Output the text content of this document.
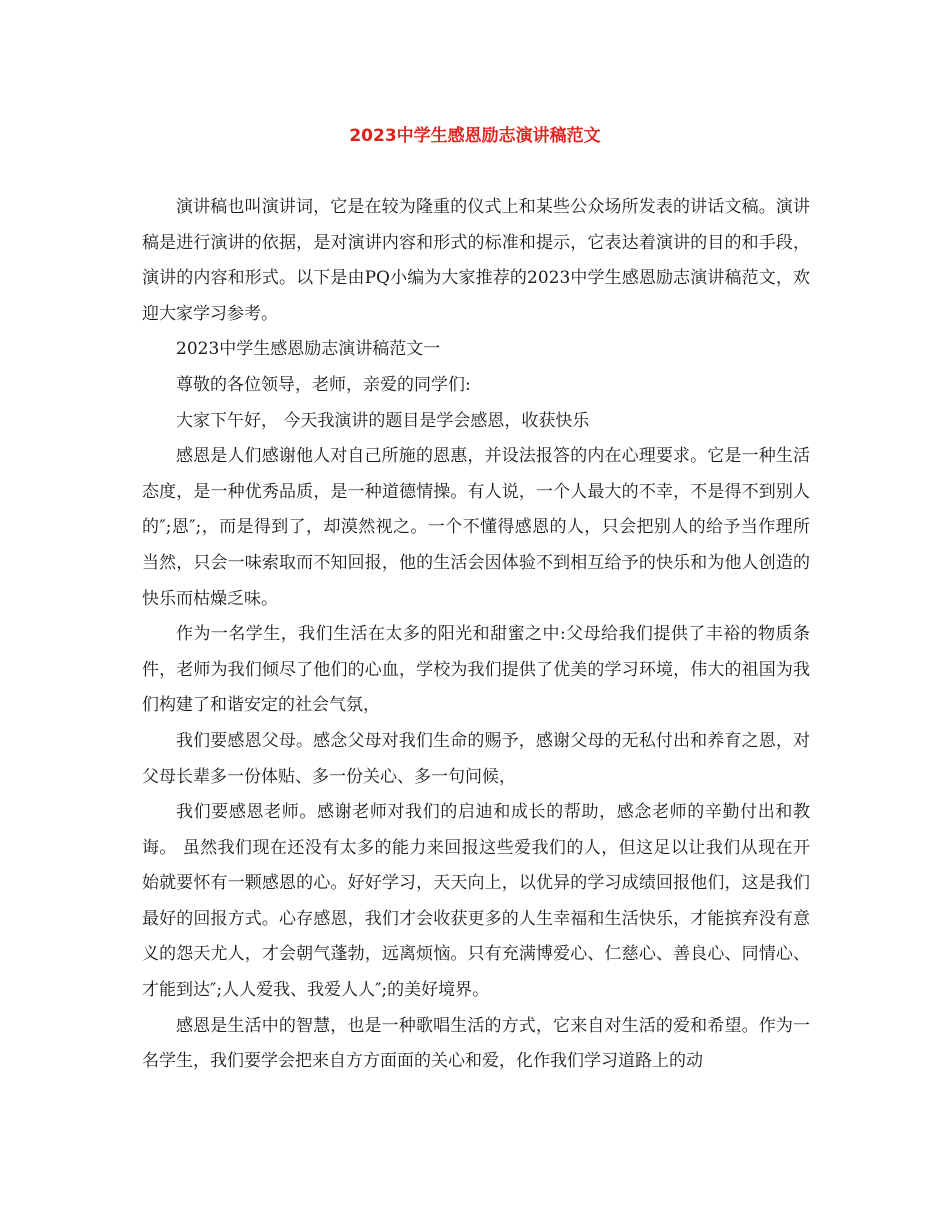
2023中学生感恩励志演讲稿范文

演讲稿也叫演讲词，它是在较为隆重的仪式上和某些公众场所发表的讲话文稿。演讲稿是进行演讲的依据，是对演讲内容和形式的标准和提示，它表达着演讲的目的和手段，演讲的内容和形式。以下是由PQ小编为大家推荐的2023中学生感恩励志演讲稿范文，欢迎大家学习参考。

2023中学生感恩励志演讲稿范文一

尊敬的各位领导，老师，亲爱的同学们:

大家下午好， 今天我演讲的题目是学会感恩，收获快乐

感恩是人们感谢他人对自己所施的恩惠，并设法报答的内在心理要求。它是一种生活态度，是一种优秀品质，是一种道德情操。有人说，一个人最大的不幸，不是得不到别人的″;恩″;，而是得到了，却漠然视之。一个不懂得感恩的人，只会把别人的给予当作理所当然，只会一味索取而不知回报，他的生活会因体验不到相互给予的快乐和为他人创造的快乐而枯燥乏味。

作为一名学生，我们生活在太多的阳光和甜蜜之中:父母给我们提供了丰裕的物质条件，老师为我们倾尽了他们的心血，学校为我们提供了优美的学习环境，伟大的祖国为我们构建了和谐安定的社会气氛，

我们要感恩父母。感念父母对我们生命的赐予，感谢父母的无私付出和养育之恩，对父母长辈多一份体贴、多一份关心、多一句问候，

我们要感恩老师。感谢老师对我们的启迪和成长的帮助，感念老师的辛勤付出和教诲。 虽然我们现在还没有太多的能力来回报这些爱我们的人，但这足以让我们从现在开始就要怀有一颗感恩的心。好好学习，天天向上，以优异的学习成绩回报他们，这是我们最好的回报方式。心存感恩，我们才会收获更多的人生幸福和生活快乐，才能摈弃没有意义的怨天尤人，才会朝气蓬勃，远离烦恼。只有充满博爱心、仁慈心、善良心、同情心、才能到达″;人人爱我、我爱人人″;的美好境界。

感恩是生活中的智慧，也是一种歌唱生活的方式，它来自对生活的爱和希望。作为一名学生，我们要学会把来自方方面面的关心和爱，化作我们学习道路上的动
